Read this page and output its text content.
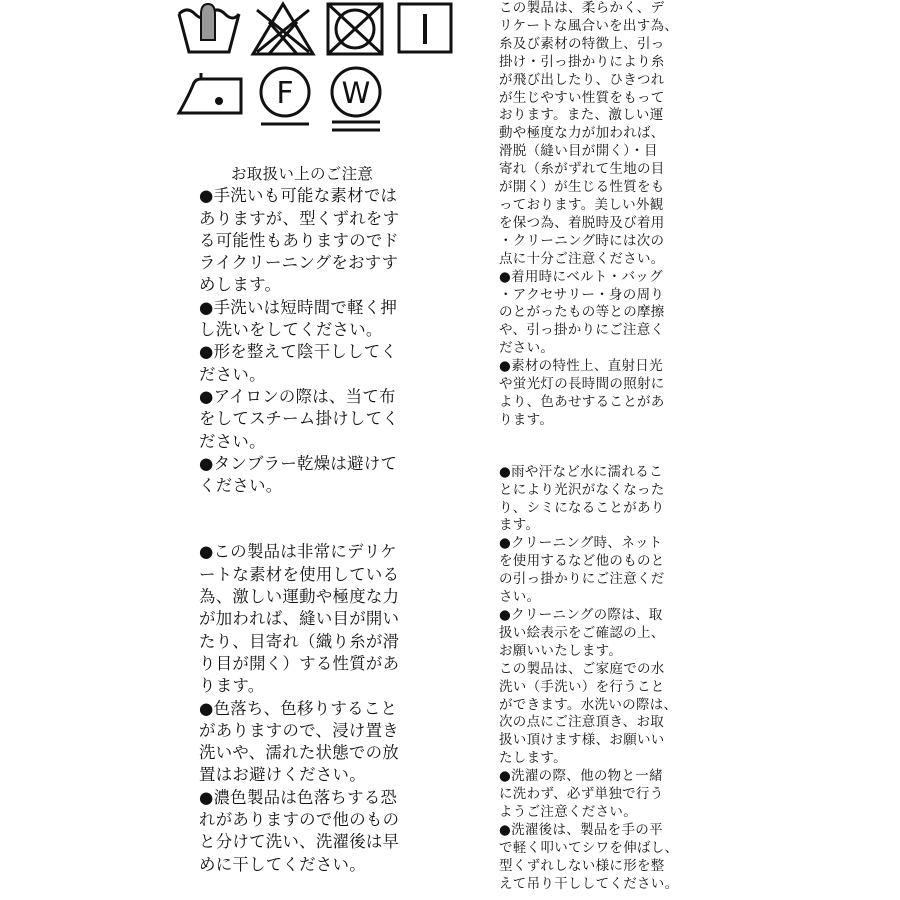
F W

お取扱い上のご注意

●手洗いも可能な素材では
ありますが、型くずれをす
る可能性もありますのでド
ライクリーニングをおすす
めします。

●手洗いは短時間で軽く押
し洗いをしてください。

●形を整えて陰干ししてく
ださい。

●アイロンの際は、当て布
をしてスチーム掛けしてく
ださい。

●タンブラー乾燥は避けて
ください。

●この製品は非常にデリケ
ートな素材を使用している
為、激しい運動や極度な力
が加われば、縫い目が開い
たり、目寄れ（織り糸が滑
り目が開く）する性質があ
ります。

●色落ち、色移りすること
がありますので、浸け置き
洗いや、濡れた状態での放
置はお避けください。

●濃色製品は色落ちする恐
れがありますので他のもの
と分けて洗い、洗濯後は早
めに干してください。

この製品は、柔らかく、デ
リケートな風合いを出す為、
糸及び素材の特徴上、引っ
掛け・引っ掛かりにより糸
が飛び出したり、ひきつれ
が生じやすい性質をもって
おります。また、激しい運
動や極度な力が加われば、
滑脱（縫い目が開く）・目
寄れ（糸がずれて生地の目
が開く）が生じる性質をも
っております。美しい外観
を保つ為、着脱時及び着用
・クリーニング時には次の
点に十分ご注意ください。

●着用時にベルト・バッグ
・アクセサリー・身の周り
のとがったもの等との摩擦
や、引っ掛かりにご注意く
ださい。

●素材の特性上、直射日光
や蛍光灯の長時間の照射に
より、色あせすることがあ
ります。

●雨や汗など水に濡れるこ
とにより光沢がなくなった
り、シミになることがあり
ます。

●クリーニング時、ネット
を使用するなど他のものと
の引っ掛かりにご注意くだ
さい。

●クリーニングの際は、取
扱い絵表示をご確認の上、
お願いいたします。

この製品は、ご家庭での水
洗い（手洗い）を行うこと
ができます。水洗いの際は、
次の点にご注意頂き、お取
扱い頂けます様、お願いい
たします。

●洗濯の際、他の物と一緒
に洗わず、必ず単独で行う
ようご注意ください。

●洗濯後は、製品を手の平
で軽く叩いてシワを伸ばし、
型くずれしない様に形を整
えて吊り干ししてください。
